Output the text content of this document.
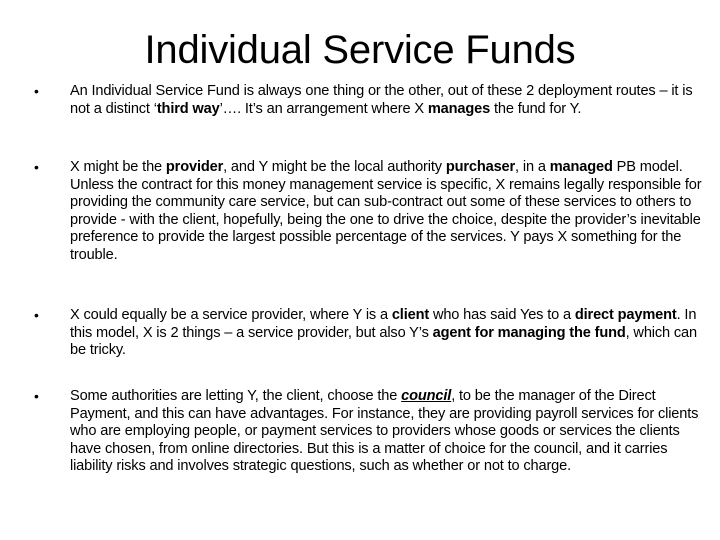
Individual Service Funds
• An Individual Service Fund is always one thing or the other, out of these 2 deployment routes – it is not a distinct ‘third way’…. It’s an arrangement where X manages the fund for Y.
• X might be the provider, and Y might be the local authority purchaser, in a managed PB model. Unless the contract for this money management service is specific, X remains legally responsible for providing the community care service, but can sub-contract out some of these services to others to provide - with the client, hopefully, being the one to drive the choice, despite the provider’s inevitable preference to provide the largest possible percentage of the services. Y pays X something for the trouble.
• X could equally be a service provider, where Y is a client who has said Yes to a direct payment. In this model, X is 2 things – a service provider, but also Y’s agent for managing the fund, which can be tricky.
• Some authorities are letting Y, the client, choose the council, to be the manager of the Direct Payment, and this can have advantages. For instance, they are providing payroll services for clients who are employing people, or payment services to providers whose goods or services the clients have chosen, from online directories. But this is a matter of choice for the council, and it carries liability risks and involves strategic questions, such as whether or not to charge.
